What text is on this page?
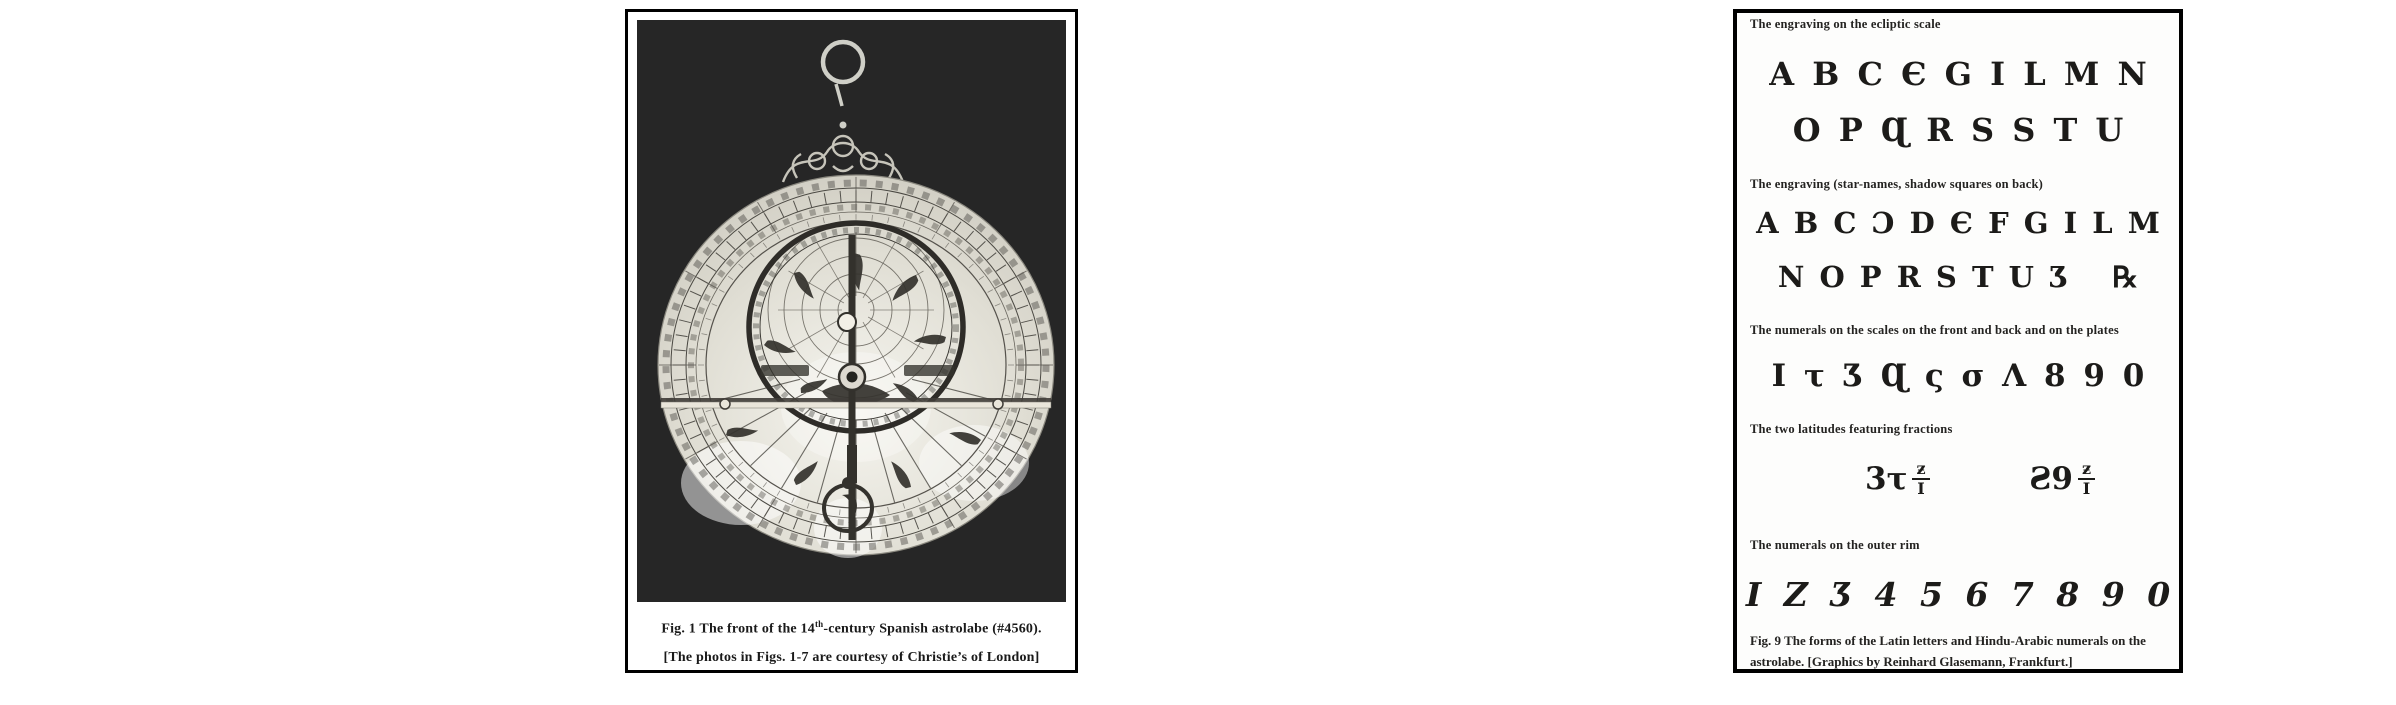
Fig. 1 The front of the 14th-century Spanish astrolabe (#4560).
[The photos in Figs. 1-7 are courtesy of Christie’s of London]
The engraving on the ecliptic scale
A B C Є G I L M N
O P Ɋ R S S T U
The engraving (star-names, shadow squares on back)
A B C Ɔ D Є F G I L M
N O P R S T U Ʒ  ℞
The numerals on the scales on the front and back and on the plates
I τ Ʒ Ɋ ς σ Λ 8 9 0
The two latitudes featuring fractions
$3\tau \frac{ƶ}{I}$	Ƨ9 $\frac{ƶ}{I}$
The numerals on the outer rim
I Z Ʒ 4 5 6 7 8 9 0
Fig. 9 The forms of the Latin letters and Hindu-Arabic numerals on the astrolabe. [Graphics by Reinhard Glasemann, Frankfurt.]
